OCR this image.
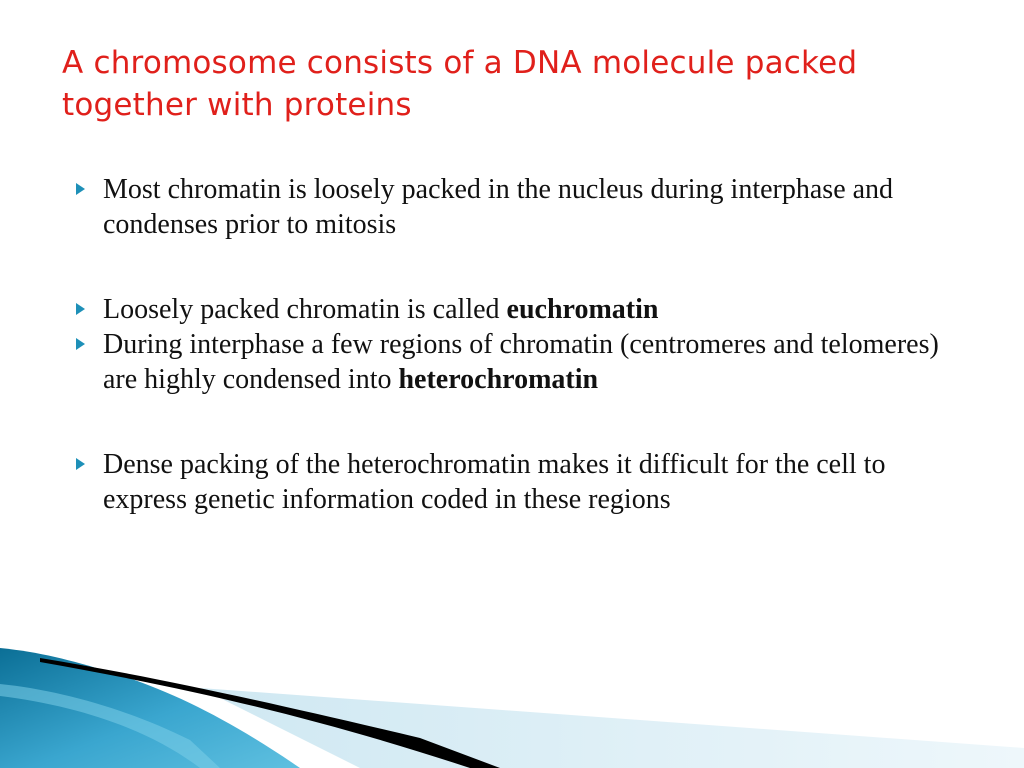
A chromosome consists of a DNA molecule packed together with proteins
Most chromatin is loosely packed in the nucleus during interphase and condenses prior to mitosis
Loosely packed chromatin is called euchromatin
During interphase a few regions of chromatin (centromeres and telomeres) are highly condensed into heterochromatin
Dense packing of the heterochromatin makes it difficult for the cell to express genetic information coded in these regions
